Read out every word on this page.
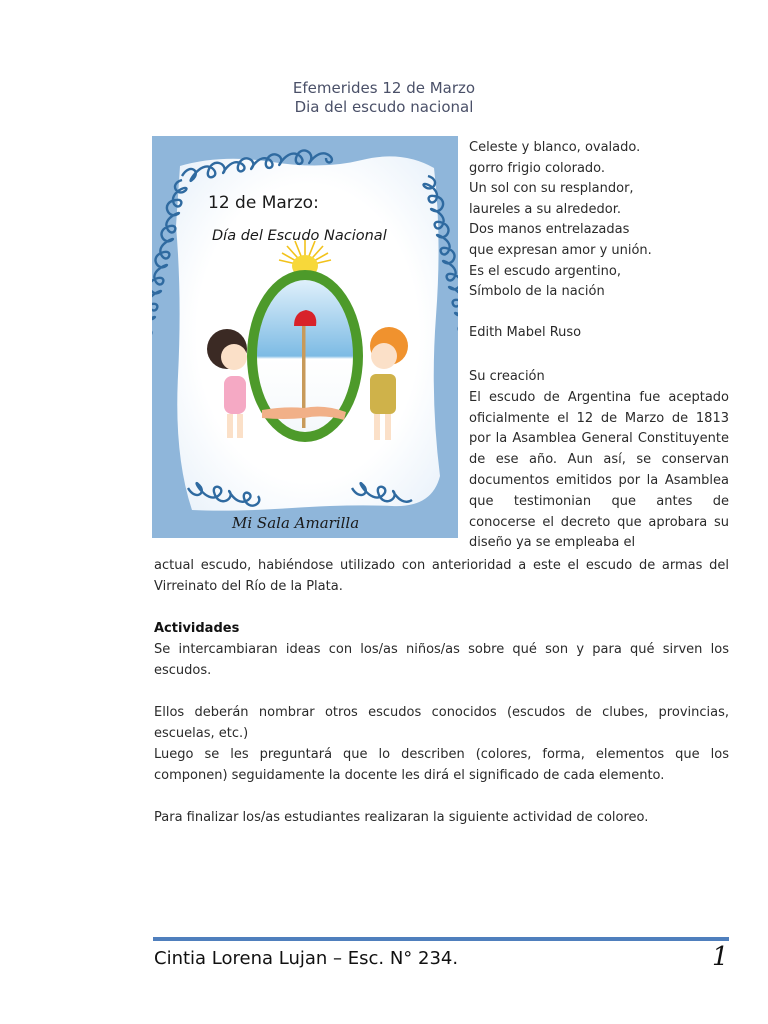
Efemerides 12 de Marzo
Dia del escudo nacional
12 de Marzo:
Día del Escudo Nacional
Mi Sala Amarilla
Celeste y blanco, ovalado.
gorro frigio colorado.
Un sol con su resplandor,
laureles a su alrededor.
Dos manos entrelazadas
que expresan amor y unión.
Es el escudo argentino,
Símbolo de la nación
Edith Mabel Ruso
Su creación
El escudo de Argentina fue aceptado oficialmente el 12 de Marzo de 1813 por la Asamblea General Constituyente de ese año. Aun así, se conservan documentos emitidos por la Asamblea que testimonian que antes de conocerse el decreto que aprobara su diseño ya se empleaba el
actual escudo, habiéndose utilizado con anterioridad a este el escudo de armas del Virreinato del Río de la Plata.
Actividades
Se intercambiaran ideas con los/as niños/as sobre qué son y para qué sirven los escudos.
Ellos deberán nombrar otros escudos conocidos (escudos de clubes, provincias, escuelas, etc.)
Luego se les preguntará que lo describen (colores, forma, elementos que los componen) seguidamente la docente les dirá el significado de cada elemento.
Para finalizar los/as estudiantes realizaran la siguiente actividad de coloreo.
Cintia Lorena Lujan – Esc. N° 234.	1
